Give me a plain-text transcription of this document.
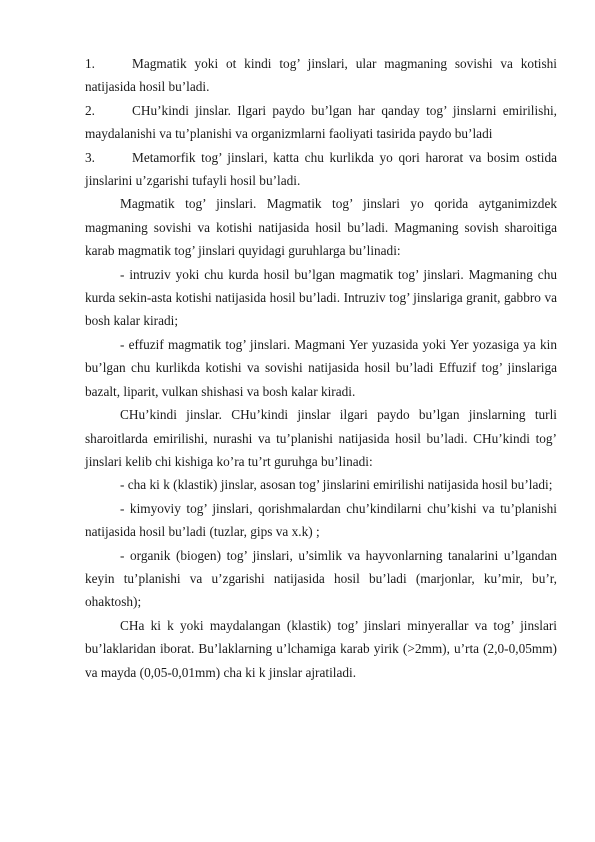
1.	Magmatik yoki ot kindi tog’ jinslari, ular magmaning sovishi va kotishi natijasida hosil bu’ladi.

2.	CHu’kindi jinslar. Ilgari paydo bu’lgan har qanday tog’ jinslarni emirilishi, maydalanishi va tu’planishi va organizmlarni faoliyati tasirida paydo bu’ladi

3.	Metamorfik tog’ jinslari, katta chu kurlikda yo qori harorat va bosim ostida jinslarini u’zgarishi tufayli hosil bu’ladi.

Magmatik tog’ jinslari. Magmatik tog’ jinslari yo qorida aytganimizdek magmaning sovishi va kotishi natijasida hosil bu’ladi. Magmaning sovish sharoitiga karab magmatik tog’ jinslari quyidagi guruhlarga bu’linadi:

- intruziv yoki chu kurda hosil bu’lgan magmatik tog’ jinslari. Magmaning chu kurda sekin-asta kotishi natijasida hosil bu’ladi. Intruziv tog’ jinslariga granit, gabbro va bosh kalar kiradi;

- effuzif magmatik tog’ jinslari. Magmani Yer yuzasida yoki Yer yozasiga ya kin bu’lgan chu kurlikda kotishi va sovishi natijasida hosil bu’ladi Effuzif tog’ jinslariga bazalt, liparit, vulkan shishasi va bosh kalar kiradi.

CHu’kindi jinslar. CHu’kindi jinslar ilgari paydo bu’lgan jinslarning turli sharoitlarda emirilishi, nurashi va tu’planishi natijasida hosil bu’ladi. CHu’kindi tog’ jinslari kelib chi kishiga ko’ra tu’rt guruhga bu’linadi:

- cha ki k (klastik) jinslar, asosan tog’ jinslarini emirilishi natijasida hosil bu’ladi;

- kimyoviy tog’ jinslari, qorishmalardan chu’kindilarni chu’kishi va tu’planishi natijasida hosil bu’ladi (tuzlar, gips va x.k) ;

- organik (biogen) tog’ jinslari, u’simlik va hayvonlarning tanalarini u’lgandan keyin tu’planishi va u’zgarishi natijasida hosil bu’ladi (marjonlar, ku’mir, bu’r, ohaktosh);

CHa ki k yoki maydalangan (klastik) tog’ jinslari minyerallar va tog’ jinslari bu’laklaridan iborat. Bu’laklarning u’lchamiga karab yirik (>2mm), u’rta (2,0-0,05mm) va mayda (0,05-0,01mm) cha ki k jinslar ajratiladi.
